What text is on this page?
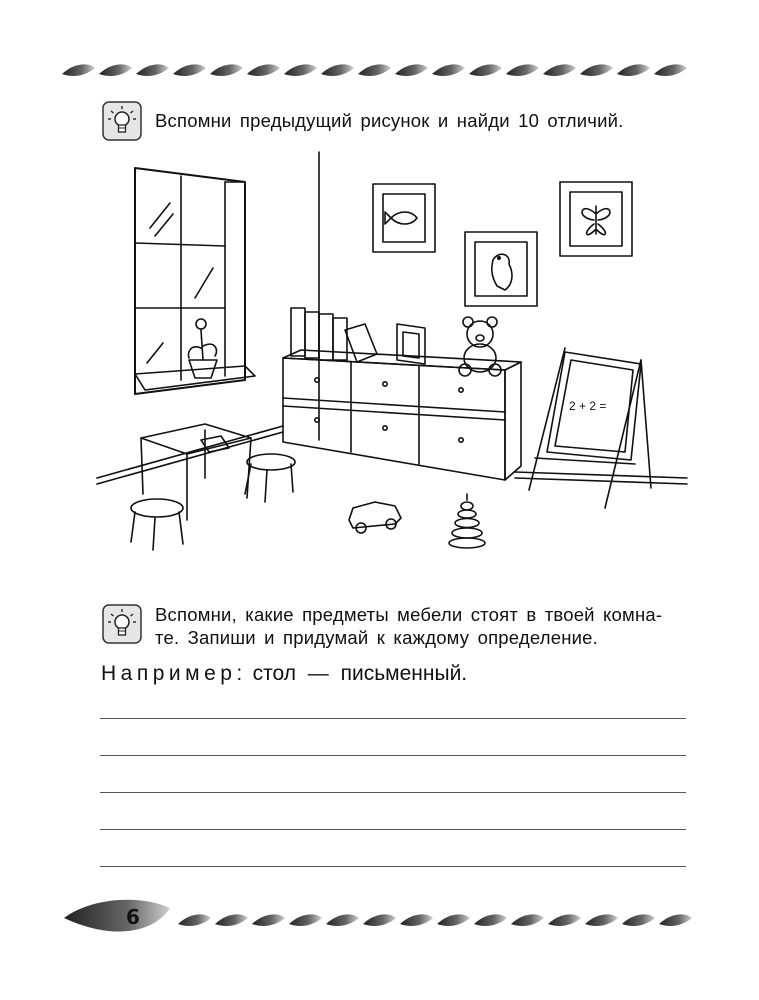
Вспомни предыдущий рисунок и найди 10 отличий.
2 + 2 =
Вспомни, какие предметы мебели стоят в твоей комна-
те. Запиши и придумай к каждому определение.
Например: стол — письменный.
6
